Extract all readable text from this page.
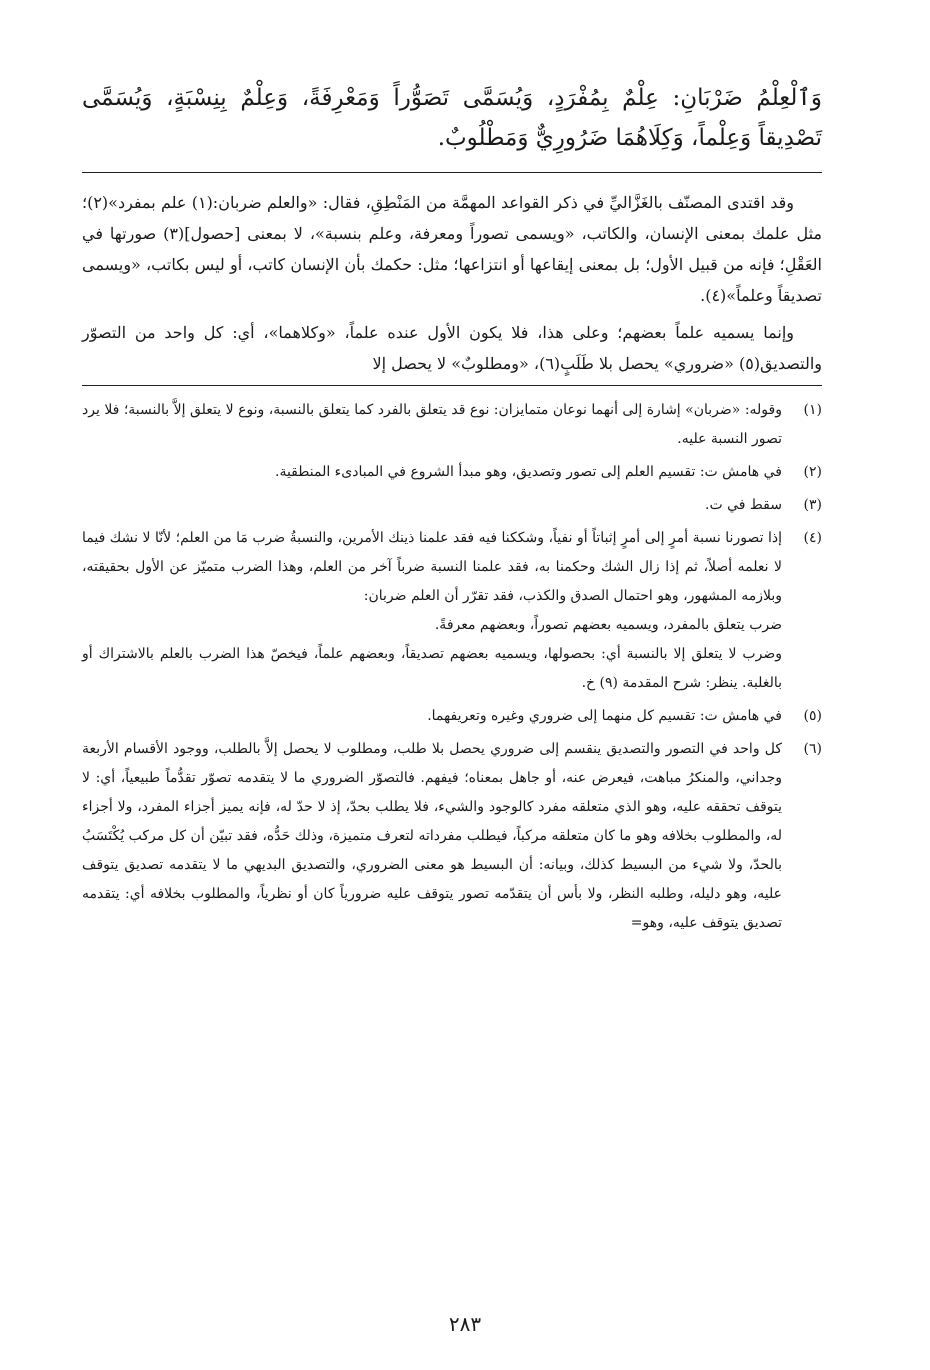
وَٱلْعِلْمُ ضَرْبَانِ: عِلْمٌ بِمُفْرَدٍ، وَيُسَمَّى تَصَوُّراً وَمَعْرِفَةً، وَعِلْمٌ بِنِسْبَةٍ، وَيُسَمَّى تَصْدِيقاً وَعِلْماً، وَكِلَاهُمَا ضَرُورِيٌّ وَمَطْلُوبٌ.

وقد اقتدى المصنّف بالغَزَّاليِّ في ذكر القواعد المهمَّة من المَنْطِقِ، فقال: «والعلم ضربان:(١) علم بمفرد»(٢)؛ مثل علمك بمعنى الإنسان، والكاتب، «ويسمى تصوراً ومعرفة، وعلم بنسبة»، لا بمعنى [حصول](٣) صورتها في العَقْلِ؛ فإنه من قبيل الأول؛ بل بمعنى إيقاعها أو انتزاعها؛ مثل: حكمك بأن الإنسان كاتب، أو ليس بكاتب، «ويسمى تصديقاً وعلماً»(٤).

وإنما يسميه علماً بعضهم؛ وعلى هذا، فلا يكون الأول عنده علماً، «وكلاهما»، أي: كل واحد من التصوّر والتصديق(٥) «ضروري» يحصل بلا طَلَبٍ(٦)، «ومطلوبٌ» لا يحصل إلا

(١)

وقوله: «ضربان» إشارة إلى أنهما نوعان متمايزان: نوع قد يتعلق بالفرد كما يتعلق بالنسبة، ونوع لا يتعلق إلاَّ بالنسبة؛ فلا يرد تصور النسبة عليه.

(٢)

في هامش ت: تقسيم العلم إلى تصور وتصديق، وهو مبدأ الشروع في المبادىء المنطقية.

(٣)

سقط في ت.

(٤)

إذا تصورنا نسبة أمرٍ إلى أمرٍ إثباتاً أو نفياً، وشككنا فيه فقد علمنا ذينك الأمرين، والنسبةُ ضرب مَا من العلم؛ لأنّا لا نشك فيما لا نعلمه أصلاً، ثم إذا زال الشك وحكمنا به، فقد علمنا النسبة ضرباً آخر من العلم، وهذا الضرب متميّز عن الأول بحقيقته، وبلازمه المشهور، وهو احتمال الصدق والكذب، فقد تقرّر أن العلم ضربان:

ضرب يتعلق بالمفرد، ويسميه بعضهم تصوراً، وبعضهم معرفةً.

وضرب لا يتعلق إلا بالنسبة أي: بحصولها، ويسميه بعضهم تصديقاً، وبعضهم علماً، فيخصّ هذا الضرب بالعلم بالاشتراك أو بالغلبة. ينظر: شرح المقدمة (٩) خ.

(٥)

في هامش ت: تقسيم كل منهما إلى ضروري وغيره وتعريفهما.

(٦)

كل واحد في التصور والتصديق ينقسم إلى ضروري يحصل بلا طلب، ومطلوب لا يحصل إلاَّ بالطلب، ووجود الأقسام الأربعة وجداني، والمنكرُ مباهت، فيعرض عنه، أو جاهل بمعناه؛ فيفهم. فالتصوّر الضروري ما لا يتقدمه تصوّر تقدُّماً طبيعياً، أي: لا يتوقف تحققه عليه، وهو الذي متعلقه مفرد كالوجود والشيء، فلا يطلب بحدّ، إذ لا حدّ له، فإنه يميز أجزاء المفرد، ولا أجزاء له، والمطلوب بخلافه وهو ما كان متعلقه مركباً، فيطلب مفرداته لتعرف متميزة، وذلك حَدُّه، فقد تبيّن أن كل مركب يُكْتَسَبُ بالحدّ، ولا شيء من البسيط كذلك، وبيانه: أن البسيط هو معنى الضروري، والتصديق البديهي ما لا يتقدمه تصديق يتوقف عليه، وهو دليله، وطلبه النظر، ولا بأس أن يتقدّمه تصور يتوقف عليه ضرورياً كان أو نظرياً، والمطلوب بخلافه أي: يتقدمه تصديق يتوقف عليه، وهو=

٢٨٣
